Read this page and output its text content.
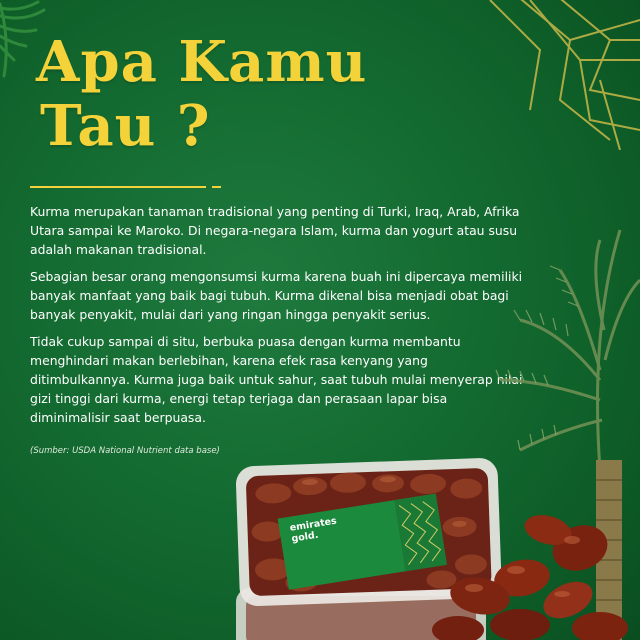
Apa Kamu
Tau ?

Kurma merupakan tanaman tradisional yang penting di Turki, Iraq, Arab, Afrika Utara sampai ke Maroko. Di negara-negara Islam, kurma dan yogurt atau susu adalah makanan tradisional.

Sebagian besar orang mengonsumsi kurma karena buah ini dipercaya memiliki banyak manfaat yang baik bagi tubuh. Kurma dikenal bisa menjadi obat bagi banyak penyakit, mulai dari yang ringan hingga penyakit serius.

Tidak cukup sampai di situ, berbuka puasa dengan kurma membantu menghindari makan berlebihan, karena efek rasa kenyang yang ditimbulkannya. Kurma juga baik untuk sahur, saat tubuh mulai menyerap nilai gizi tinggi dari kurma, energi tetap terjaga dan perasaan lapar bisa diminimalisir saat berpuasa.

(Sumber: USDA National Nutrient data base)
emirates
gold.
